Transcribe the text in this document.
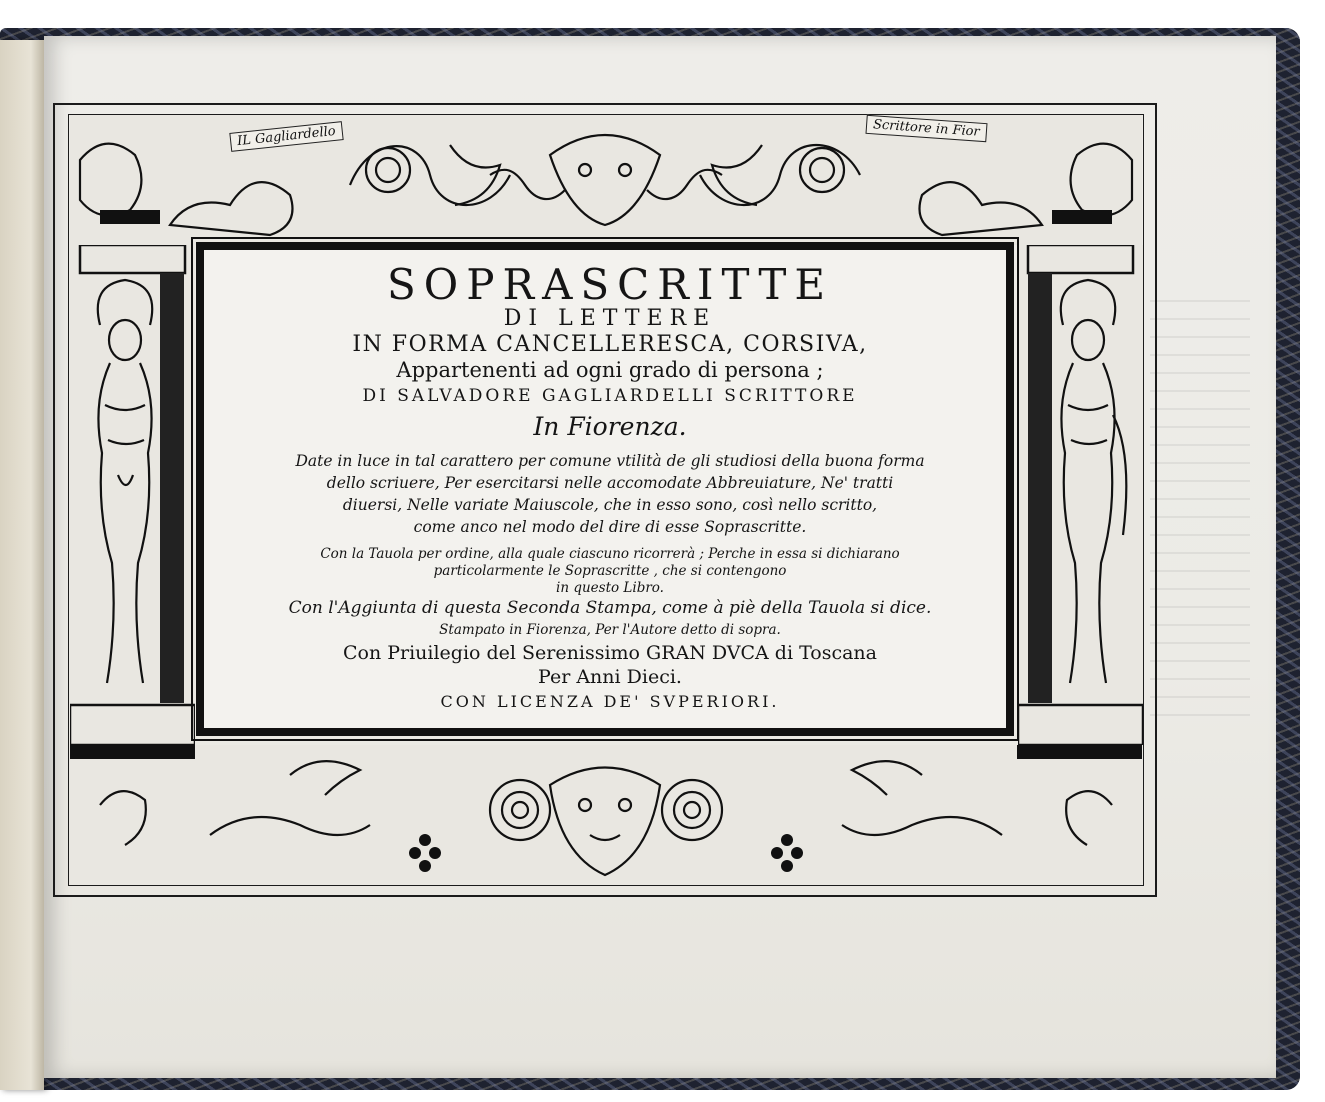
IL Gagliardello	Scrittore in Fior
SOPRASCRITTE
DI LETTERE
IN FORMA CANCELLERESCA, CORSIVA,
Appartenenti ad ogni grado di persona ;
DI SALVADORE GAGLIARDELLI SCRITTORE
In Fiorenza.
Date in luce in tal carattero per comune vtilità de gli studiosi della buona forma
dello scriuere, Per esercitarsi nelle accomodate Abbreuiature, Ne' tratti
diuersi, Nelle variate Maiuscole, che in esso sono, così nello scritto,
come anco nel modo del dire di esse Soprascritte.
Con la Tauola per ordine, alla quale ciascuno ricorrerà ; Perche in essa si dichiarano
particolarmente le Soprascritte , che si contengono
in questo Libro.
Con l'Aggiunta di questa Seconda Stampa, come à piè della Tauola si dice.
Stampato in Fiorenza, Per l'Autore detto di sopra.
Con Priuilegio del Serenissimo GRAN DVCA di Toscana
Per Anni Dieci.
CON LICENZA DE' SVPERIORI.
